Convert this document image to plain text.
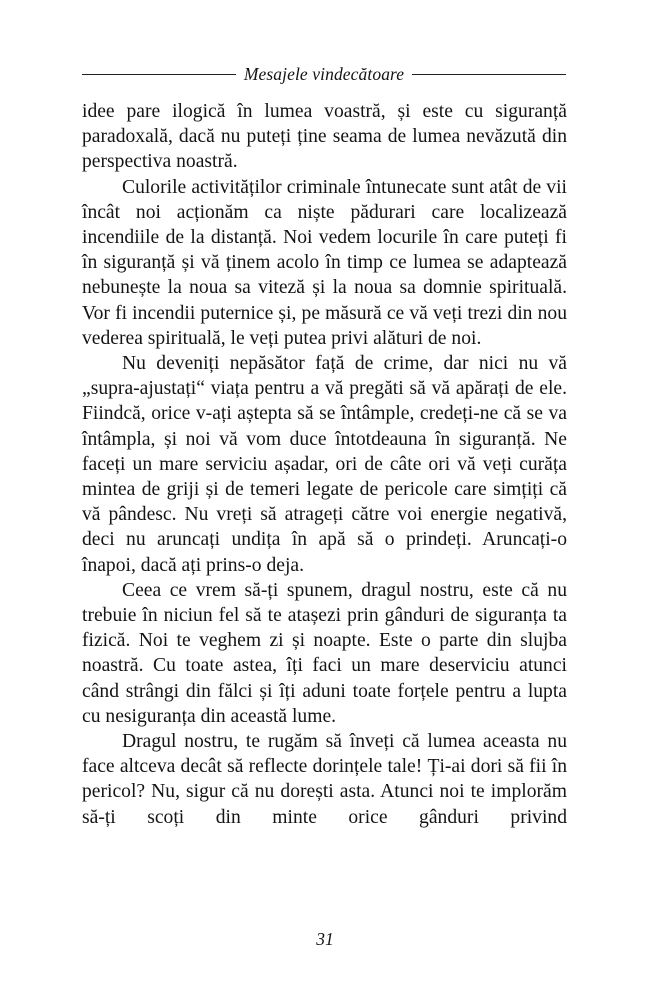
Mesajele vindecătoare

idee pare ilogică în lumea voastră, și este cu siguranță paradoxală, dacă nu puteți ține seama de lumea nevăzută din perspectiva noastră.

Culorile activităților criminale întunecate sunt atât de vii încât noi acționăm ca niște pădurari care localizează incendiile de la distanță. Noi vedem locurile în care puteți fi în siguranță și vă ținem acolo în timp ce lumea se adaptează nebunește la noua sa viteză și la noua sa domnie spirituală. Vor fi incendii puternice și, pe măsură ce vă veți trezi din nou vederea spirituală, le veți putea privi alături de noi.

Nu deveniți nepăsător față de crime, dar nici nu vă „supra-ajustați“ viața pentru a vă pregăti să vă apărați de ele. Fiindcă, orice v-ați aștepta să se întâmple, credeți-ne că se va întâmpla, și noi vă vom duce întotdeauna în siguranță. Ne faceți un mare serviciu așadar, ori de câte ori vă veți curăța mintea de griji și de temeri legate de pericole care simțiți că vă pândesc. Nu vreți să atrageți către voi energie negativă, deci nu aruncați undița în apă să o prindeți. Aruncați-o înapoi, dacă ați prins-o deja.

Ceea ce vrem să-ți spunem, dragul nostru, este că nu trebuie în niciun fel să te atașezi prin gânduri de siguranța ta fizică. Noi te veghem zi și noapte. Este o parte din slujba noastră. Cu toate astea, îți faci un mare deserviciu atunci când strângi din fălci și îți aduni toate forțele pentru a lupta cu nesiguranța din această lume.

Dragul nostru, te rugăm să înveți că lumea aceasta nu face altceva decât să reflecte dorințele tale! Ți-ai dori să fii în pericol? Nu, sigur că nu dorești asta. Atunci noi te implorăm să-ți scoți din minte orice gânduri privind

31
